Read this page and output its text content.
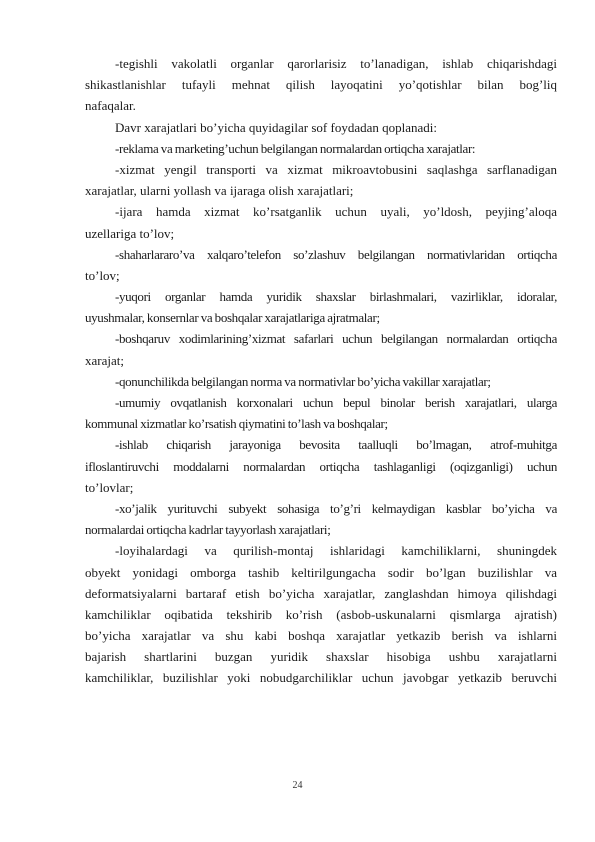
-tegishli vakolatli organlar qarorlarisiz to’lanadigan, ishlab chiqarishdagi
shikastlanishlar tufayli mehnat qilish layoqatini yo’qotishlar bilan bog’liq
nafaqalar.
Davr xarajatlari bo’yicha quyidagilar sof foydadan qoplanadi:
-reklama va marketing’uchun belgilangan normalardan ortiqcha xarajatlar:
-xizmat yengil transporti va xizmat mikroavtobusini saqlashga sarflanadigan
xarajatlar, ularni yollash va ijaraga olish xarajatlari;
-ijara hamda xizmat ko’rsatganlik uchun uyali, yo’ldosh, peyjing’aloqa
uzellariga to’lov;
-shaharlararo’va xalqaro’telefon so’zlashuv belgilangan normativlaridan ortiqcha
to’lov;
-yuqori organlar hamda yuridik shaxslar birlashmalari, vazirliklar, idoralar,
uyushmalar, konsernlar va boshqalar xarajatlariga ajratmalar;
-boshqaruv xodimlarining’xizmat safarlari uchun belgilangan normalardan ortiqcha
xarajat;
-qonunchilikda belgilangan norma va normativlar bo’yicha vakillar xarajatlar;
-umumiy ovqatlanish korxonalari uchun bepul binolar berish xarajatlari, ularga
kommunal xizmatlar ko’rsatish qiymatini to’lash va boshqalar;
-ishlab chiqarish jarayoniga bevosita taalluqli bo’lmagan, atrof-muhitga
ifloslantiruvchi moddalarni normalardan ortiqcha tashlaganligi (oqizganligi) uchun
to’lovlar;
-xo’jalik yurituvchi subyekt sohasiga to’g’ri kelmaydigan kasblar bo’yicha va
normalardai ortiqcha kadrlar tayyorlash xarajatlari;
-loyihalardagi va qurilish-montaj ishlaridagi kamchiliklarni, shuningdek
obyekt yonidagi omborga tashib keltirilgungacha sodir bo’lgan buzilishlar va
deformatsiyalarni bartaraf etish bo’yicha xarajatlar, zanglashdan himoya qilishdagi
kamchiliklar oqibatida tekshirib ko’rish (asbob-uskunalarni qismlarga ajratish)
bo’yicha xarajatlar va shu kabi boshqa xarajatlar yetkazib berish va ishlarni
bajarish shartlarini buzgan yuridik shaxslar hisobiga ushbu xarajatlarni
kamchiliklar, buzilishlar yoki nobudgarchiliklar uchun javobgar yetkazib beruvchi
24
